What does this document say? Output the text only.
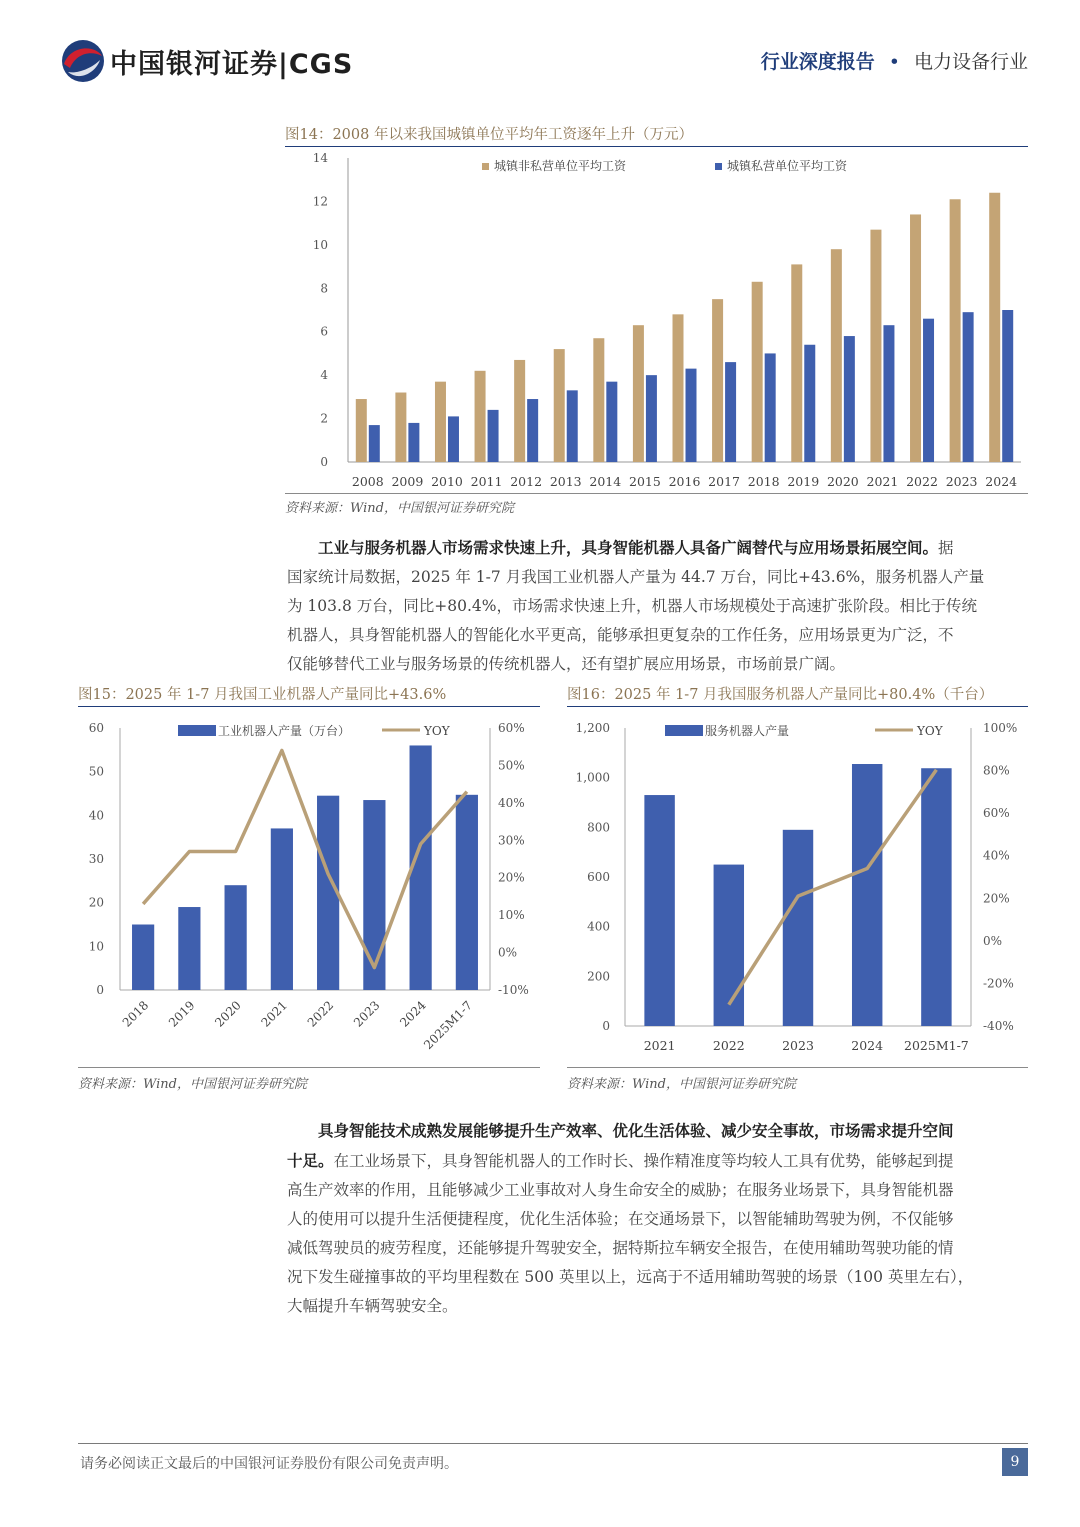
中国银河证券|CGS	行业深度报告 • 电力设备行业
图14：2008 年以来我国城镇单位平均年工资逐年上升（万元）
0
2
4
6
8
10
12
14
2008 2009 2010 2011 2012 2013 2014 2015 2016 2017 2018 2019 2020 2021 2022 2023 2024
城镇非私营单位平均工资	城镇私营单位平均工资
资料来源：Wind，中国银河证券研究院
工业与服务机器人市场需求快速上升，具身智能机器人具备广阔替代与应用场景拓展空间。据
国家统计局数据，2025 年 1-7 月我国工业机器人产量为 44.7 万台，同比+43.6%，服务机器人产量
为 103.8 万台，同比+80.4%，市场需求快速上升，机器人市场规模处于高速扩张阶段。相比于传统
机器人，具身智能机器人的智能化水平更高，能够承担更复杂的工作任务，应用场景更为广泛，不
仅能够替代工业与服务场景的传统机器人，还有望扩展应用场景，市场前景广阔。
图15：2025 年 1-7 月我国工业机器人产量同比+43.6%
0
10
20
30
40
50
60
-10%
0%
10%
20%
30%
40%
50%
60%
2018 2019 2020 2021 2022 2023 2024
2025M1-7
工业机器人产量（万台）	YOY
资料来源：Wind，中国银河证券研究院
图16：2025 年 1-7 月我国服务机器人产量同比+80.4%（千台）
0
200
400
600
800
1,000
1,200
-40%
-20%
0%
20%
40%
60%
80%
100%
2021	2022	2023	2024 2025M1-7
服务机器人产量	YOY
资料来源：Wind，中国银河证券研究院
具身智能技术成熟发展能够提升生产效率、优化生活体验、减少安全事故，市场需求提升空间
十足。在工业场景下，具身智能机器人的工作时长、操作精准度等均较人工具有优势，能够起到提
高生产效率的作用，且能够减少工业事故对人身生命安全的威胁；在服务业场景下，具身智能机器
人的使用可以提升生活便捷程度，优化生活体验；在交通场景下，以智能辅助驾驶为例，不仅能够
减低驾驶员的疲劳程度，还能够提升驾驶安全，据特斯拉车辆安全报告，在使用辅助驾驶功能的情
况下发生碰撞事故的平均里程数在 500 英里以上，远高于不适用辅助驾驶的场景（100 英里左右），
大幅提升车辆驾驶安全。
请务必阅读正文最后的中国银河证券股份有限公司免责声明。	9
